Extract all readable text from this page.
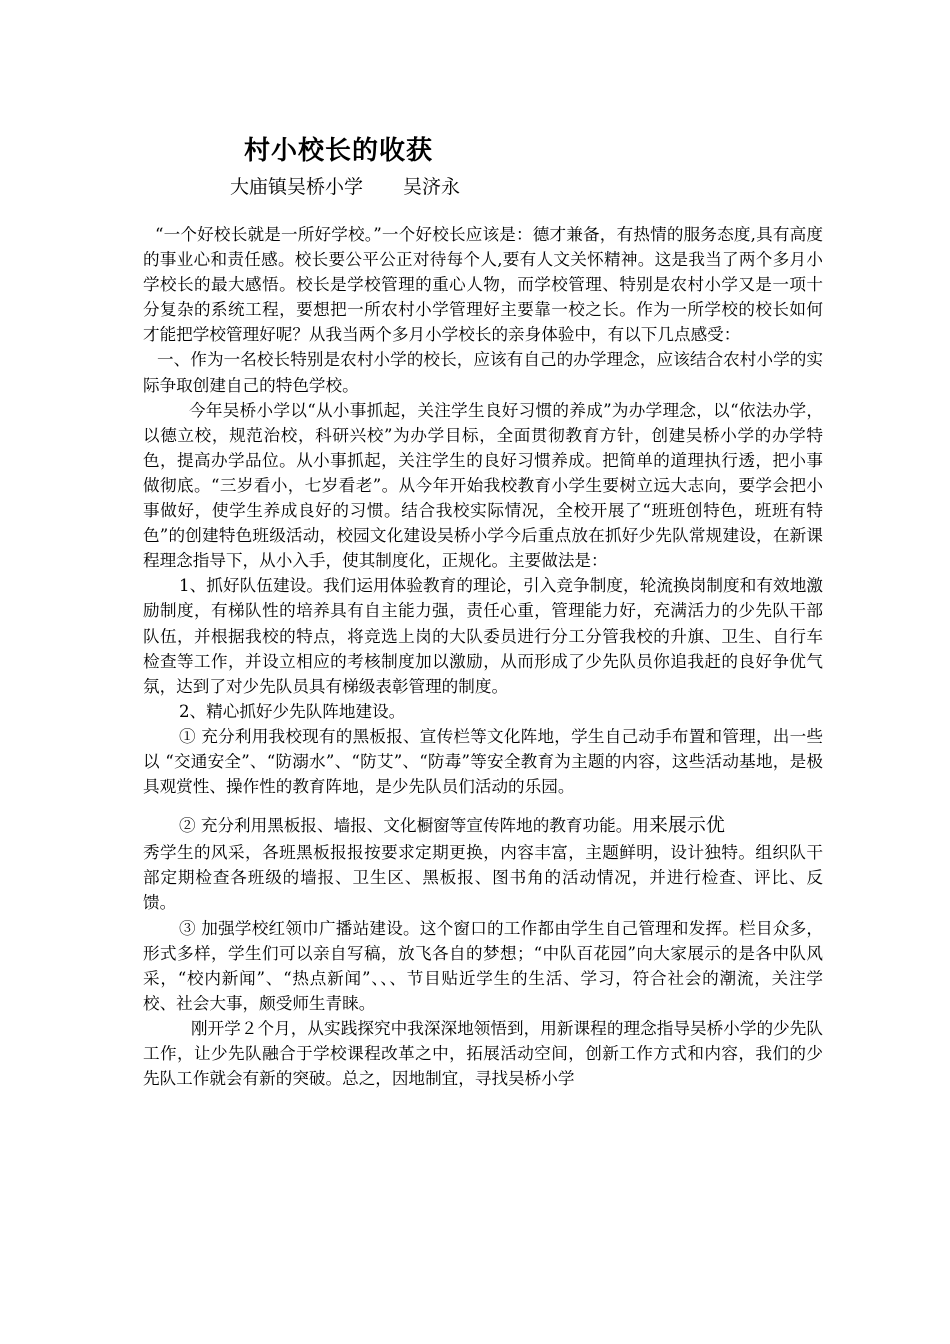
村小校长的收获
大庙镇吴桥小学 吴济永

“一个好校长就是一所好学校。”一个好校长应该是：德才兼备，有热情的服务态度,具有高度的事业心和责任感。校长要公平公正对待每个人,要有人文关怀精神。这是我当了两个多月小学校长的最大感悟。校长是学校管理的重心人物，而学校管理、特别是农村小学又是一项十分复杂的系统工程，要想把一所农村小学管理好主要靠一校之长。作为一所学校的校长如何才能把学校管理好呢？从我当两个多月小学校长的亲身体验中，有以下几点感受：

一、作为一名校长特别是农村小学的校长，应该有自己的办学理念，应该结合农村小学的实际争取创建自己的特色学校。

今年吴桥小学以“从小事抓起，关注学生良好习惯的养成”为办学理念，以“依法办学，以德立校，规范治校，科研兴校”为办学目标，全面贯彻教育方针，创建吴桥小学的办学特色，提高办学品位。从小事抓起，关注学生的良好习惯养成。把简单的道理执行透，把小事做彻底。“三岁看小，七岁看老”。从今年开始我校教育小学生要树立远大志向，要学会把小事做好，使学生养成良好的习惯。结合我校实际情况，全校开展了“班班创特色，班班有特色”的创建特色班级活动，校园文化建设吴桥小学今后重点放在抓好少先队常规建设，在新课程理念指导下，从小入手，使其制度化，正规化。主要做法是：

1、抓好队伍建设。我们运用体验教育的理论，引入竞争制度，轮流换岗制度和有效地激励制度，有梯队性的培养具有自主能力强，责任心重，管理能力好，充满活力的少先队干部队伍，并根据我校的特点，将竞选上岗的大队委员进行分工分管我校的升旗、卫生、自行车检查等工作，并设立相应的考核制度加以激励，从而形成了少先队员你追我赶的良好争优气氛，达到了对少先队员具有梯级表彰管理的制度。

2、精心抓好少先队阵地建设。

① 充分利用我校现有的黑板报、宣传栏等文化阵地，学生自己动手布置和管理，出一些以 “交通安全”、“防溺水”、“防艾”、“防毒”等安全教育为主题的内容，这些活动基地，是极具观赏性、操作性的教育阵地，是少先队员们活动的乐园。

② 充分利用黑板报、墙报、文化橱窗等宣传阵地的教育功能。用来展示优

秀学生的风采，各班黑板报报按要求定期更换，内容丰富，主题鲜明，设计独特。组织队干部定期检查各班级的墙报、卫生区、黑板报、图书角的活动情况，并进行检查、评比、反馈。

③ 加强学校红领巾广播站建设。这个窗口的工作都由学生自己管理和发挥。栏目众多，形式多样，学生们可以亲自写稿，放飞各自的梦想；“中队百花园”向大家展示的是各中队风采，“校内新闻”、“热点新闻”、、、节目贴近学生的生活、学习，符合社会的潮流，关注学校、社会大事，颇受师生青睐。

刚开学２个月，从实践探究中我深深地领悟到，用新课程的理念指导吴桥小学的少先队工作，让少先队融合于学校课程改革之中，拓展活动空间，创新工作方式和内容，我们的少先队工作就会有新的突破。总之，因地制宜，寻找吴桥小学
